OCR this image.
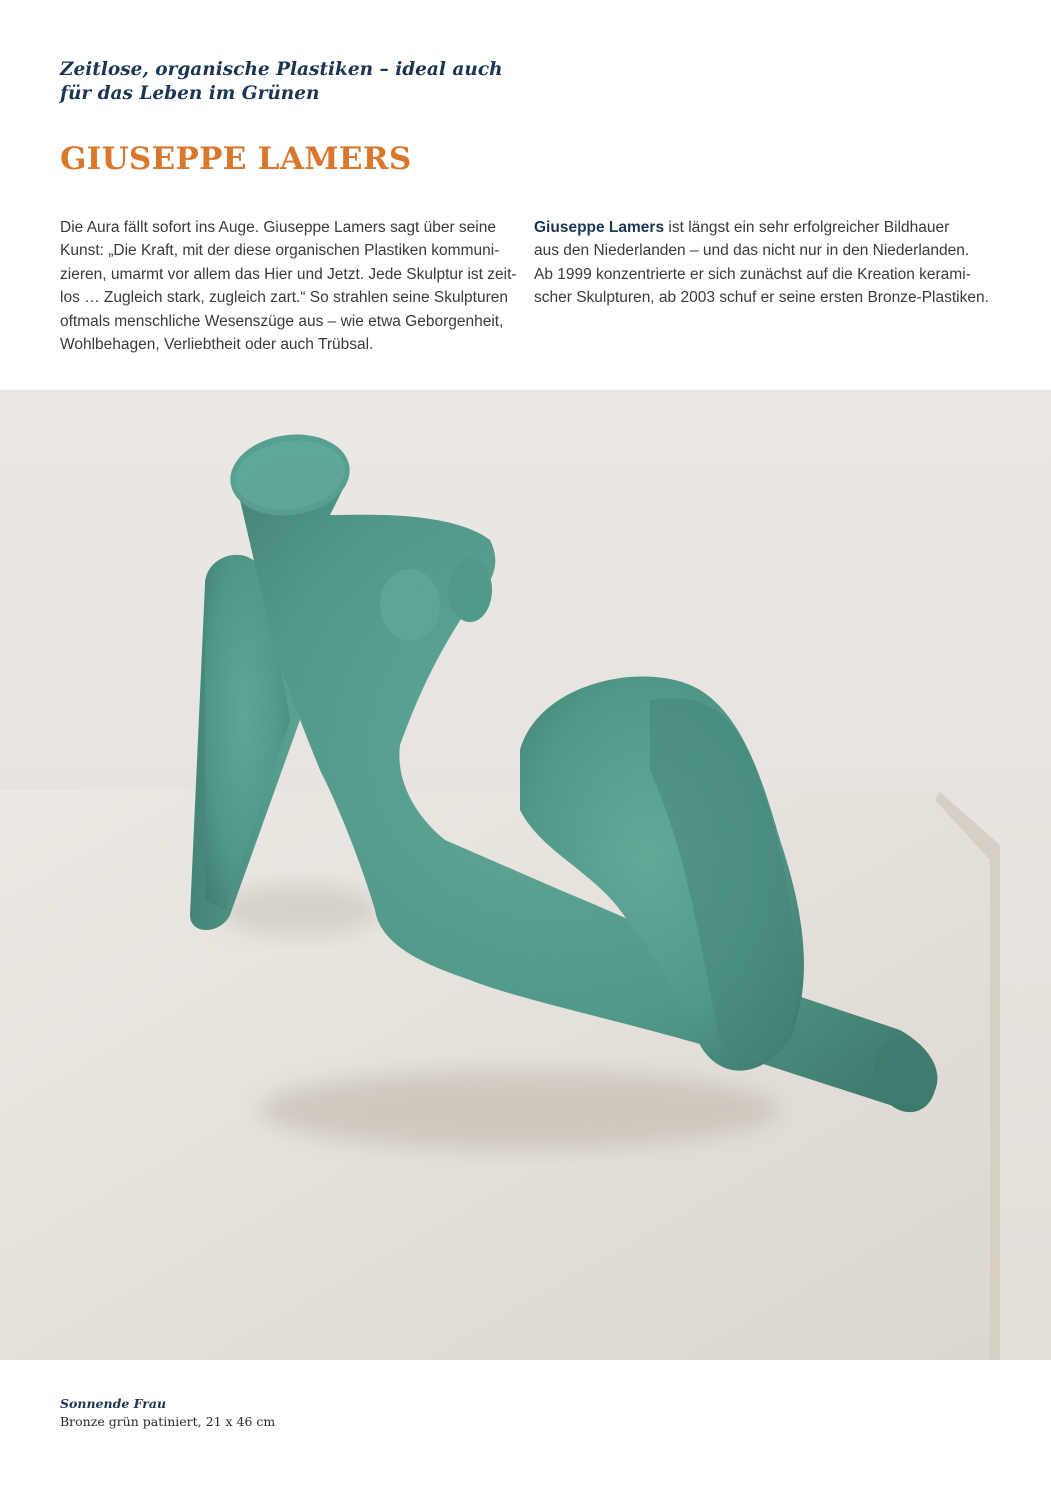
Zeitlose, organische Plastiken – ideal auch
für das Leben im Grünen
GIUSEPPE LAMERS

Die Aura fällt sofort ins Auge. Giuseppe Lamers sagt über seine
Kunst: „Die Kraft, mit der diese organischen Plastiken kommuni-
zieren, umarmt vor allem das Hier und Jetzt. Jede Skulptur ist zeit-
los … Zugleich stark, zugleich zart.“ So strahlen seine Skulpturen
oftmals menschliche Wesenszüge aus – wie etwa Geborgenheit,
Wohlbehagen, Verliebtheit oder auch Trübsal.

Giuseppe Lamers ist längst ein sehr erfolgreicher Bildhauer
aus den Niederlanden – und das nicht nur in den Niederlanden.
Ab 1999 konzentrierte er sich zunächst auf die Kreation kerami-
scher Skulpturen, ab 2003 schuf er seine ersten Bronze-Plastiken.

Sonnende Frau
Bronze grün patiniert, 21 x 46 cm
